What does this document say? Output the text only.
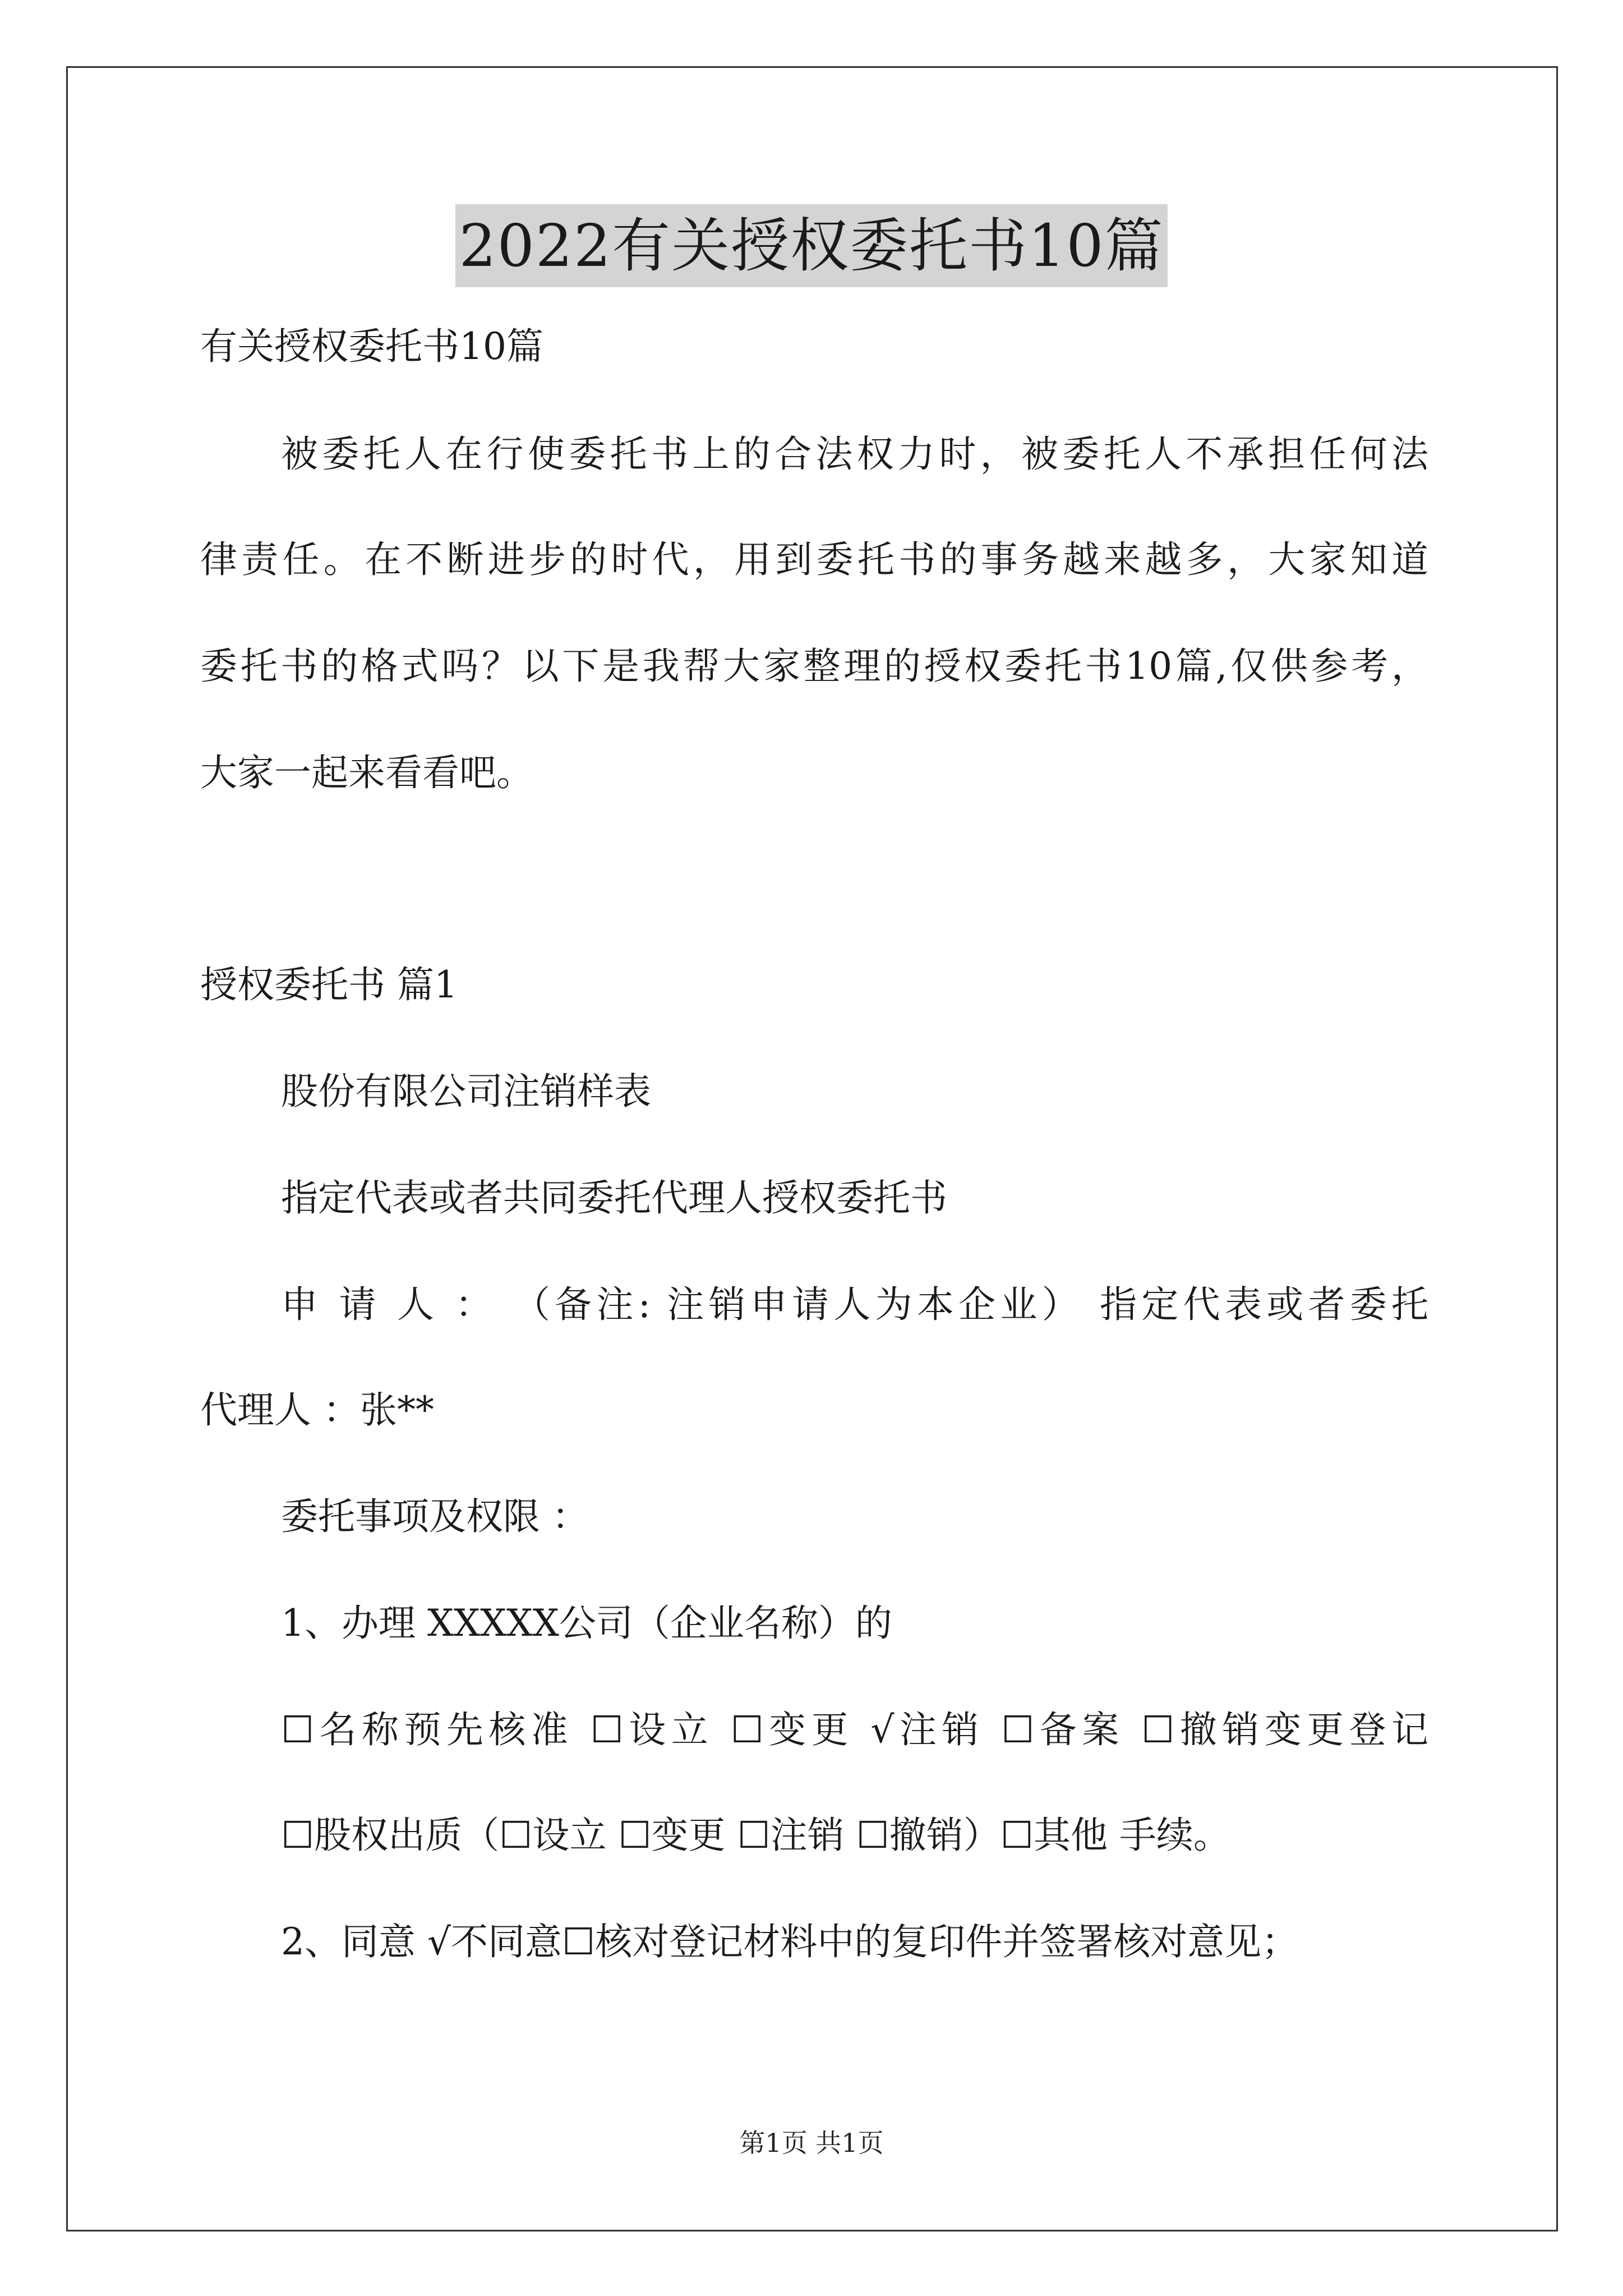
2022有关授权委托书10篇
有关授权委托书10篇
被委托人在行使委托书上的合法权力时，被委托人不承担任何法
律责任。在不断进步的时代，用到委托书的事务越来越多，大家知道
委托书的格式吗？以下是我帮大家整理的授权委托书10篇,仅供参考，
大家一起来看看吧。
授权委托书 篇1
股份有限公司注销样表
指定代表或者共同委托代理人授权委托书
申 请 人 ： （备注: 注销申请人为本企业） 指定代表或者委托
代理人 ：张**
委托事项及权限 ：
1、办理 XXXXX公司（企业名称）的
☐名称预先核准 ☐设立 ☐变更 √注销 ☐备案 ☐撤销变更登记
☐股权出质（☐设立 ☐变更 ☐注销 ☐撤销）☐其他 手续。
2、同意 √不同意☐核对登记材料中的复印件并签署核对意见；
第1页 共1页
